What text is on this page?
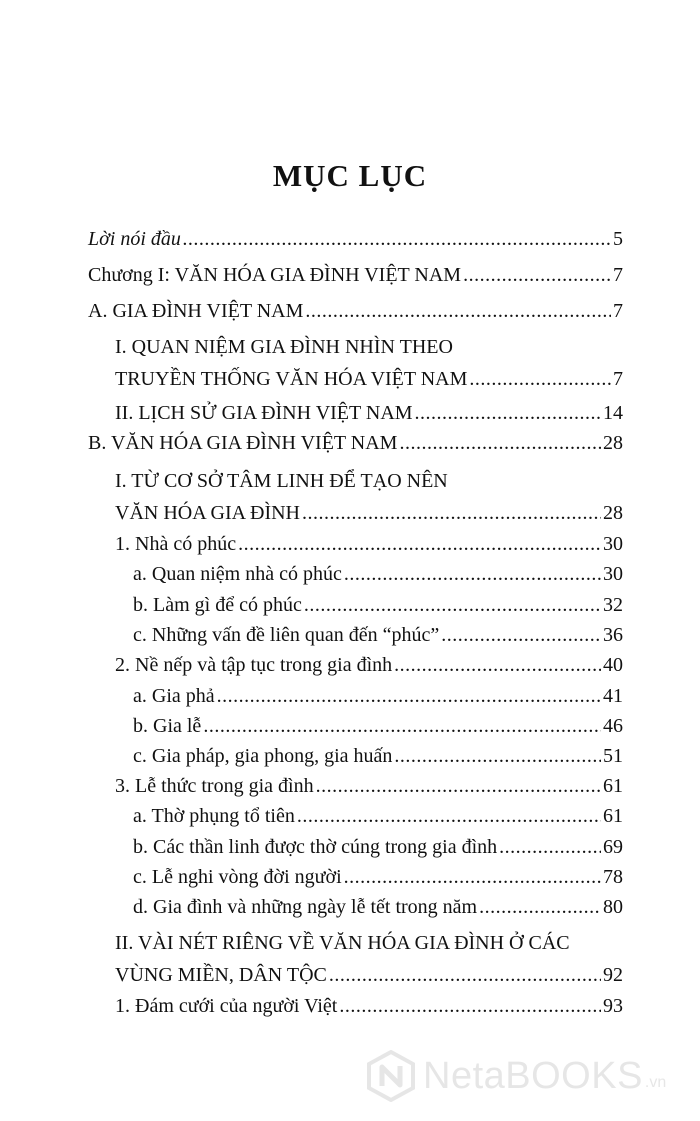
MỤC LỤC
Lời nói đầu .....	5
Chương I: VĂN HÓA GIA ĐÌNH VIỆT NAM .....	7
A. GIA ĐÌNH VIỆT NAM .....	7
I. QUAN NIỆM GIA ĐÌNH NHÌN THEO
TRUYỀN THỐNG VĂN HÓA VIỆT NAM .....	7
II. LỊCH SỬ GIA ĐÌNH VIỆT NAM .....	14
B. VĂN HÓA GIA ĐÌNH VIỆT NAM .....	28
I. TỪ CƠ SỞ TÂM LINH ĐỂ TẠO NÊN
VĂN HÓA GIA ĐÌNH .....	28
1. Nhà có phúc .....	30
a. Quan niệm nhà có phúc .....	30
b. Làm gì để có phúc .....	32
c. Những vấn đề liên quan đến “phúc” .....	36
2. Nề nếp và tập tục trong gia đình .....	40
a. Gia phả .....	41
b. Gia lễ .....	46
c. Gia pháp, gia phong, gia huấn .....	51
3. Lễ thức trong gia đình .....	61
a. Thờ phụng tổ tiên .....	61
b. Các thần linh được thờ cúng trong gia đình .....	69
c. Lễ nghi vòng đời người .....	78
d. Gia đình và những ngày lễ tết trong năm .....	80
II. VÀI NÉT RIÊNG VỀ VĂN HÓA GIA ĐÌNH Ở CÁC
VÙNG MIỀN, DÂN TỘC .....	92
1. Đám cưới của người Việt .....	93
NetaBOOKS .vn
